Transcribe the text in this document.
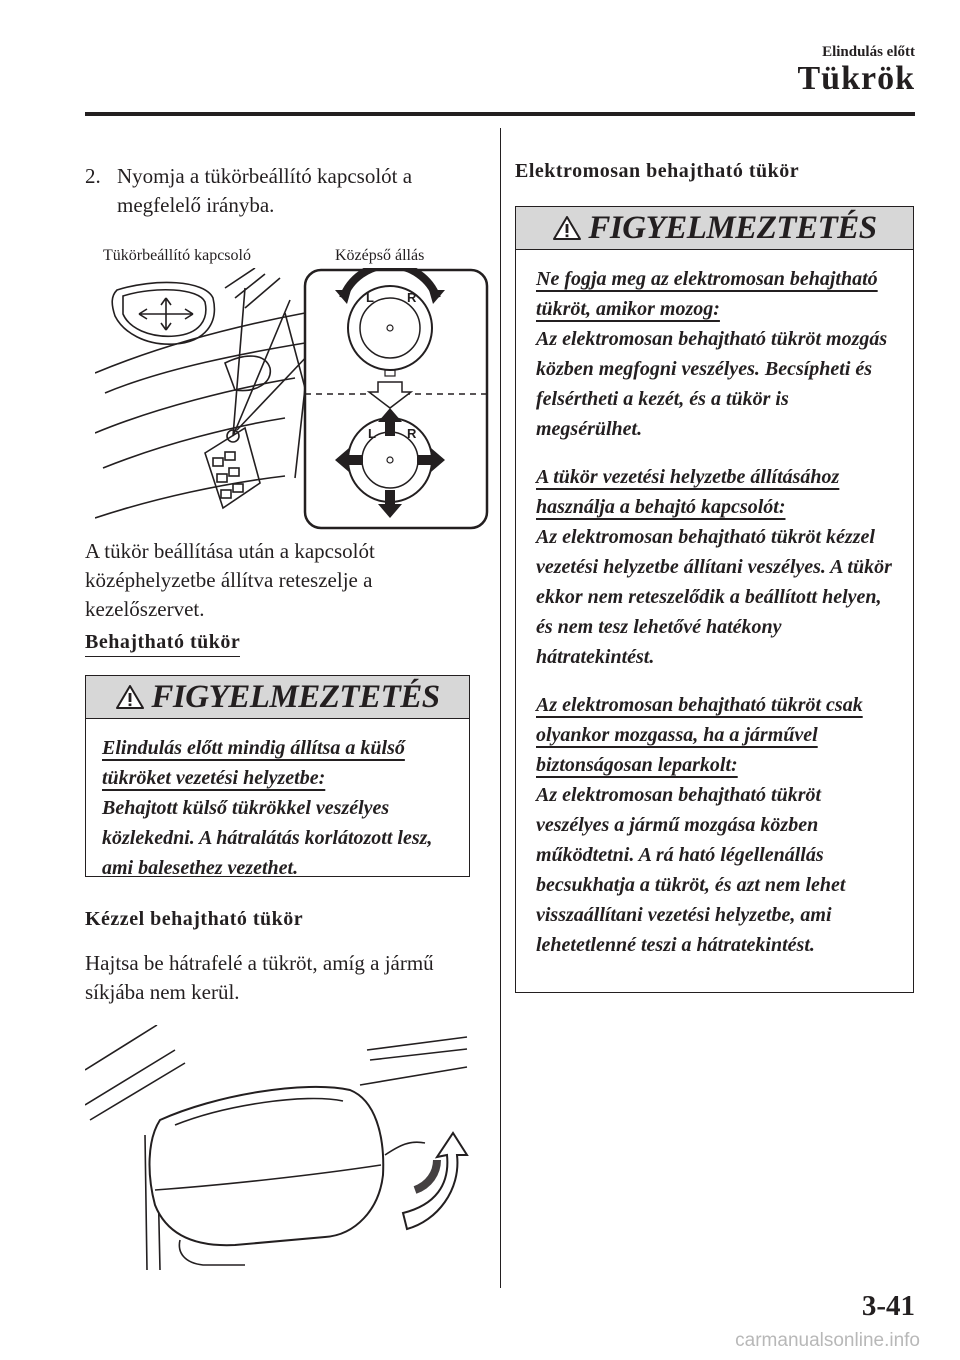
Elindulás előtt
Tükrök
2. Nyomja a tükörbeállító kapcsolót a megfelelő irányba.
Tükörbeállító kapcsoló	Középső állás
L	R
L R
A tükör beállítása után a kapcsolót középhelyzetbe állítva reteszelje a kezelőszervet.
Behajtható tükör
FIGYELMEZTETÉS
Elindulás előtt mindig állítsa a külső tükröket vezetési helyzetbe:
Behajtott külső tükrökkel veszélyes közlekedni. A hátralátás korlátozott lesz, ami balesethez vezethet.
Kézzel behajtható tükör
Hajtsa be hátrafelé a tükröt, amíg a jármű síkjába nem kerül.
Elektromosan behajtható tükör
FIGYELMEZTETÉS
Ne fogja meg az elektromosan behajtható tükröt, amikor mozog:
Az elektromosan behajtható tükröt mozgás közben megfogni veszélyes. Becsípheti és felsértheti a kezét, és a tükör is megsérülhet.
A tükör vezetési helyzetbe állításához használja a behajtó kapcsolót:
Az elektromosan behajtható tükröt kézzel vezetési helyzetbe állítani veszélyes. A tükör ekkor nem reteszelődik a beállított helyen, és nem tesz lehetővé hatékony hátratekintést.
Az elektromosan behajtható tükröt csak olyankor mozgassa, ha a járművel biztonságosan leparkolt:
Az elektromosan behajtható tükröt veszélyes a jármű mozgása közben működtetni. A rá ható légellenállás becsukhatja a tükröt, és azt nem lehet visszaállítani vezetési helyzetbe, ami lehetetlenné teszi a hátratekintést.
3-41
carmanualsonline.info
